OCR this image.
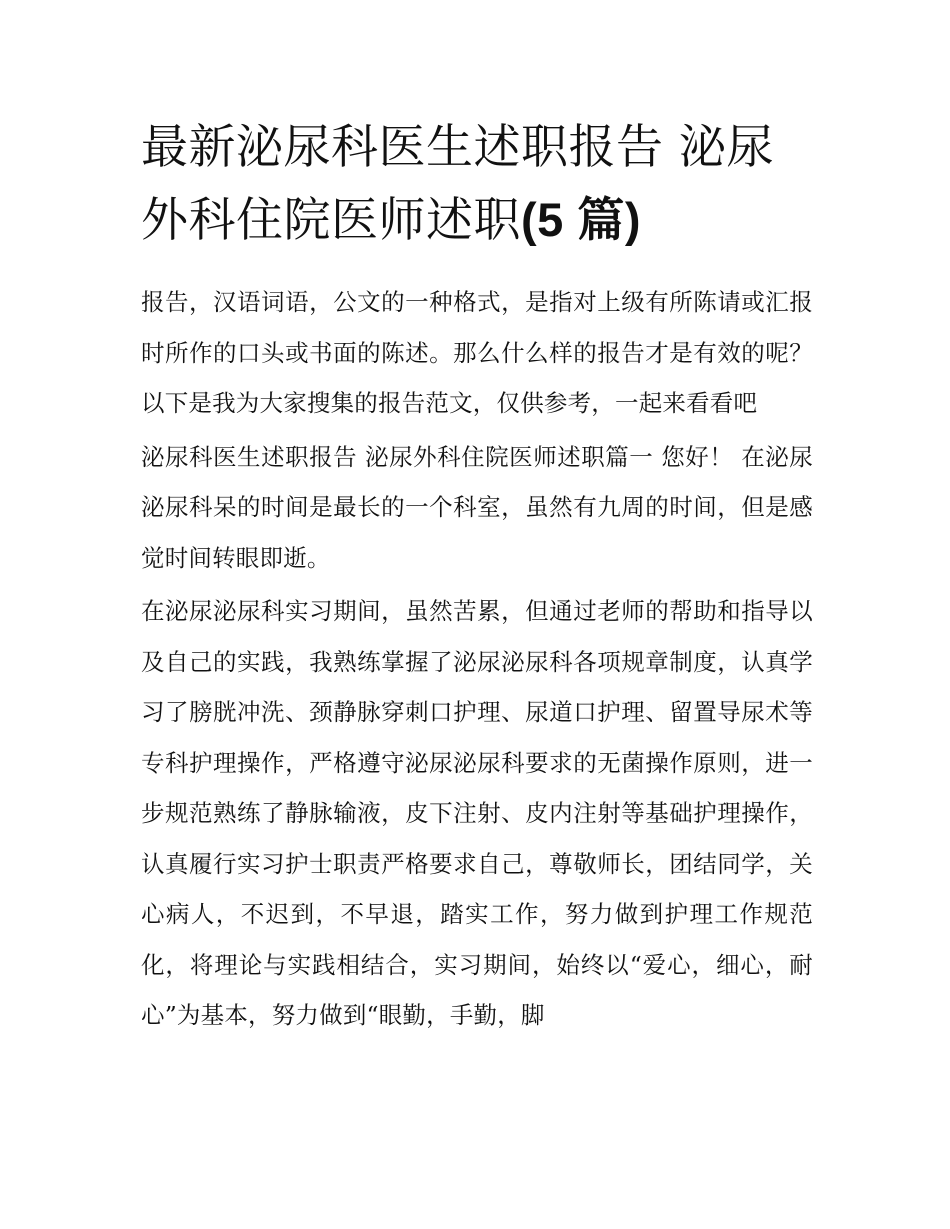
最新泌尿科医生述职报告 泌尿外科住院医师述职(5 篇)

报告，汉语词语，公文的一种格式，是指对上级有所陈请或汇报时所作的口头或书面的陈述。那么什么样的报告才是有效的呢？以下是我为大家搜集的报告范文，仅供参考，一起来看看吧

泌尿科医生述职报告 泌尿外科住院医师述职篇一 您好！ 在泌尿泌尿科呆的时间是最长的一个科室，虽然有九周的时间，但是感觉时间转眼即逝。

在泌尿泌尿科实习期间，虽然苦累，但通过老师的帮助和指导以及自己的实践，我熟练掌握了泌尿泌尿科各项规章制度，认真学习了膀胱冲洗、颈静脉穿刺口护理、尿道口护理、留置导尿术等专科护理操作，严格遵守泌尿泌尿科要求的无菌操作原则，进一步规范熟练了静脉输液，皮下注射、皮内注射等基础护理操作，认真履行实习护士职责严格要求自己，尊敬师长，团结同学，关心病人，不迟到，不早退，踏实工作，努力做到护理工作规范化，将理论与实践相结合，实习期间，始终以“爱心，细心，耐心”为基本，努力做到“眼勤，手勤，脚
